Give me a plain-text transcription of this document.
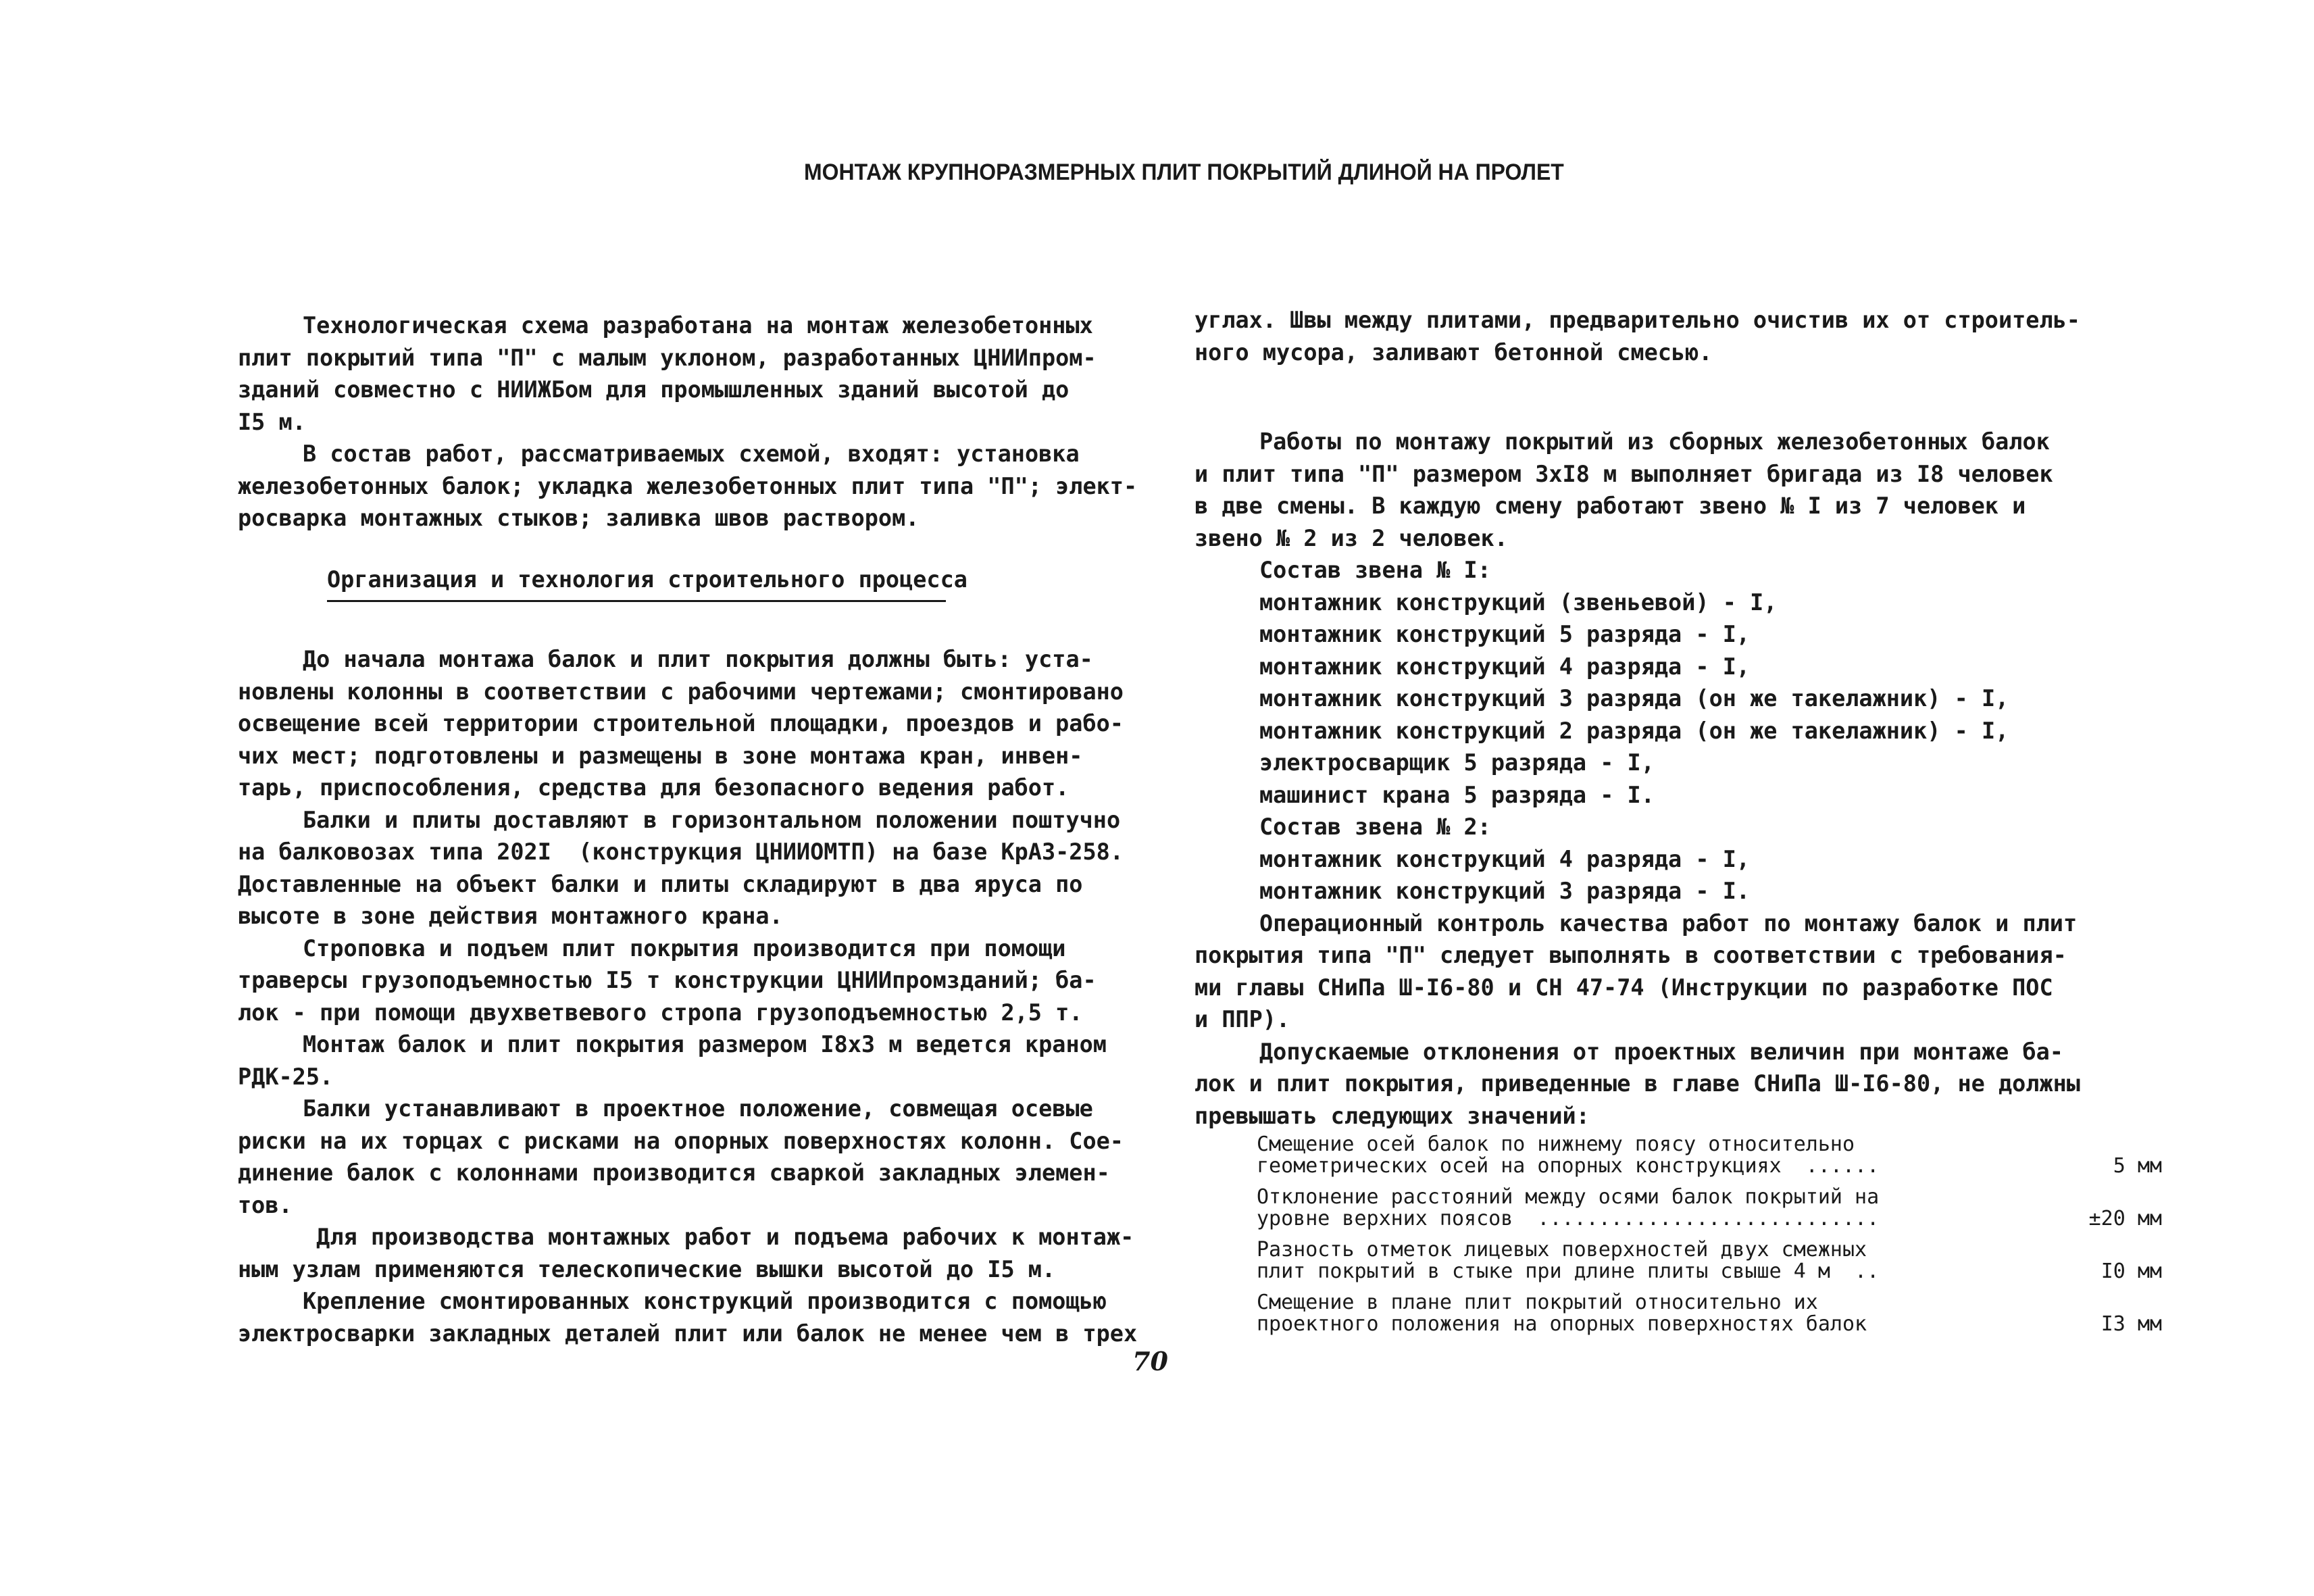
МОНТАЖ КРУПНОРАЗМЕРНЫХ ПЛИТ ПОКРЫТИЙ ДЛИНОЙ НА ПРОЛЕТ

Технологическая схема разработана на монтаж железобетонных

плит покрытий типа "П" с малым уклоном, разработанных ЦНИИпром-

зданий совместно с НИИЖБом для промышленных зданий высотой до

I5 м.

В состав работ, рассматриваемых схемой, входят: установка

железобетонных балок; укладка железобетонных плит типа "П"; элект-

росварка монтажных стыков; заливка швов раствором.

Организация и технология строительного процесса

До начала монтажа балок и плит покрытия должны быть: уста-

новлены колонны в соответствии с рабочими чертежами; смонтировано

освещение всей территории строительной площадки, проездов и рабо-

чих мест; подготовлены и размещены в зоне монтажа кран, инвен-

тарь, приспособления, средства для безопасного ведения работ.

Балки и плиты доставляют в горизонтальном положении поштучно

на балковозах типа 202I  (конструкция ЦНИИОМТП) на базе КрАЗ-258.

Доставленные на объект балки и плиты складируют в два яруса по

высоте в зоне действия монтажного крана.

Строповка и подъем плит покрытия производится при помощи

траверсы грузоподъемностью I5 т конструкции ЦНИИпромзданий; ба-

лок - при помощи двухветвевого стропа грузоподъемностью 2,5 т.

Монтаж балок и плит покрытия размером I8х3 м ведется краном

РДК-25.

Балки устанавливают в проектное положение, совмещая осевые

риски на их торцах с рисками на опорных поверхностях колонн. Сое-

динение балок с колоннами производится сваркой закладных элемен-

тов.

Для производства монтажных работ и подъема рабочих к монтаж-

ным узлам применяются телескопические вышки высотой до I5 м.

Крепление смонтированных конструкций производится с помощью

электросварки закладных деталей плит или балок не менее чем в трех

углах. Швы между плитами, предварительно очистив их от строитель-

ного мусора, заливают бетонной смесью.

Работы по монтажу покрытий из сборных железобетонных балок

и плит типа "П" размером 3хI8 м выполняет бригада из I8 человек

в две смены. В каждую смену работают звено № I из 7 человек и

звено № 2 из 2 человек.

Состав звена № I:

монтажник конструкций (звеньевой) - I,

монтажник конструкций 5 разряда - I,

монтажник конструкций 4 разряда - I,

монтажник конструкций 3 разряда (он же такелажник) - I,

монтажник конструкций 2 разряда (он же такелажник) - I,

электросварщик 5 разряда - I,

машинист крана 5 разряда - I.

Состав звена № 2:

монтажник конструкций 4 разряда - I,

монтажник конструкций 3 разряда - I.

Операционный контроль качества работ по монтажу балок и плит

покрытия типа "П" следует выполнять в соответствии с требования-

ми главы СНиПа Ш-I6-80 и СН 47-74 (Инструкции по разработке ПОС

и ППР).

Допускаемые отклонения от проектных величин при монтаже ба-

лок и плит покрытия, приведенные в главе СНиПа Ш-I6-80, не должны

превышать следующих значений:

Смещение осей балок по нижнему поясу относительно

геометрических осей на опорных конструкциях  ......	5 мм

Отклонение расстояний между осями балок покрытий на

уровне верхних поясов  ............................	±20 мм

Разность отметок лицевых поверхностей двух смежных

плит покрытий в стыке при длине плиты свыше 4 м  ..	I0 мм

Смещение в плане плит покрытий относительно их

проектного положения на опорных поверхностях балок	I3 мм
70
